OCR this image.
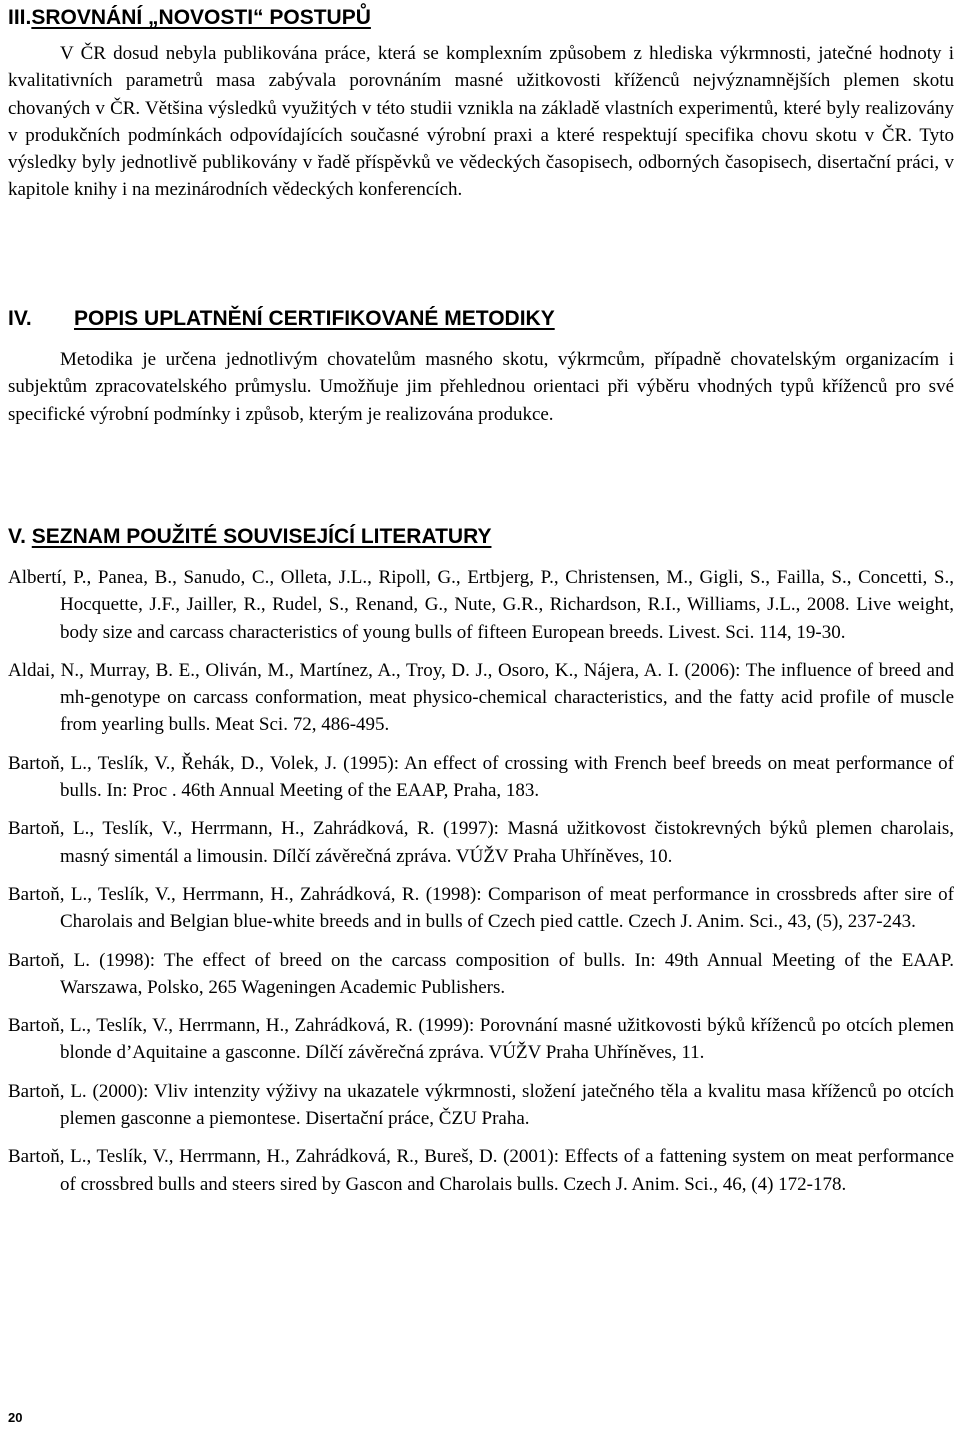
III.SROVNÁNÍ „NOVOSTI“ POSTUPŮ

V ČR dosud nebyla publikována práce, která se komplexním způsobem z hlediska výkrmnosti, jatečné hodnoty i kvalitativních parametrů masa zabývala porovnáním masné užitkovosti kříženců nejvýznamnějších plemen skotu chovaných v ČR. Většina výsledků využitých v této studii vznikla na základě vlastních experimentů, které byly realizovány v produkčních podmínkách odpovídajících současné výrobní praxi a které respektují specifika chovu skotu v ČR. Tyto výsledky byly jednotlivě publikovány v řadě příspěvků ve vědeckých časopisech, odborných časopisech, disertační práci, v kapitole knihy i na mezinárodních vědeckých konferencích.

IV. POPIS UPLATNĚNÍ CERTIFIKOVANÉ METODIKY

Metodika je určena jednotlivým chovatelům masného skotu, výkrmcům, případně chovatelským organizacím i subjektům zpracovatelského průmyslu. Umožňuje jim přehlednou orientaci při výběru vhodných typů kříženců pro své specifické výrobní podmínky i způsob, kterým je realizována produkce.

V. SEZNAM POUŽITÉ SOUVISEJÍCÍ LITERATURY
Albertí, P., Panea, B., Sanudo, C., Olleta, J.L., Ripoll, G., Ertbjerg, P., Christensen, M., Gigli, S., Failla, S., Concetti, S., Hocquette, J.F., Jailler, R., Rudel, S., Renand, G., Nute, G.R., Richardson, R.I., Williams, J.L., 2008. Live weight, body size and carcass characteristics of young bulls of fifteen European breeds. Livest. Sci. 114, 19-30.
Aldai, N., Murray, B. E., Oliván, M., Martínez, A., Troy, D. J., Osoro, K., Nájera, A. I. (2006): The influence of breed and mh-genotype on carcass conformation, meat physico-chemical characteristics, and the fatty acid profile of muscle from yearling bulls. Meat Sci. 72, 486-495.
Bartoň, L., Teslík, V., Řehák, D., Volek, J. (1995): An effect of crossing with French beef breeds on meat performance of bulls. In: Proc . 46th Annual Meeting of the EAAP, Praha, 183.
Bartoň, L., Teslík, V., Herrmann, H., Zahrádková, R. (1997): Masná užitkovost čistokrevných býků plemen charolais, masný simentál a limousin. Dílčí závěrečná zpráva. VÚŽV Praha Uhříněves, 10.
Bartoň, L., Teslík, V., Herrmann, H., Zahrádková, R. (1998): Comparison of meat performance in crossbreds after sire of Charolais and Belgian blue-white breeds and in bulls of Czech pied cattle. Czech J. Anim. Sci., 43, (5), 237-243.
Bartoň, L. (1998): The effect of breed on the carcass composition of bulls. In: 49th Annual Meeting of the EAAP. Warszawa, Polsko, 265 Wageningen Academic Publishers.
Bartoň, L., Teslík, V., Herrmann, H., Zahrádková, R. (1999): Porovnání masné užitkovosti býků kříženců po otcích plemen blonde d’Aquitaine a gasconne. Dílčí závěrečná zpráva. VÚŽV Praha Uhříněves, 11.
Bartoň, L. (2000): Vliv intenzity výživy na ukazatele výkrmnosti, složení jatečného těla a kvalitu masa kříženců po otcích plemen gasconne a piemontese. Disertační práce, ČZU Praha.
Bartoň, L., Teslík, V., Herrmann, H., Zahrádková, R., Bureš, D. (2001): Effects of a fattening system on meat performance of crossbred bulls and steers sired by Gascon and Charolais bulls. Czech J. Anim. Sci., 46, (4) 172-178.
20
